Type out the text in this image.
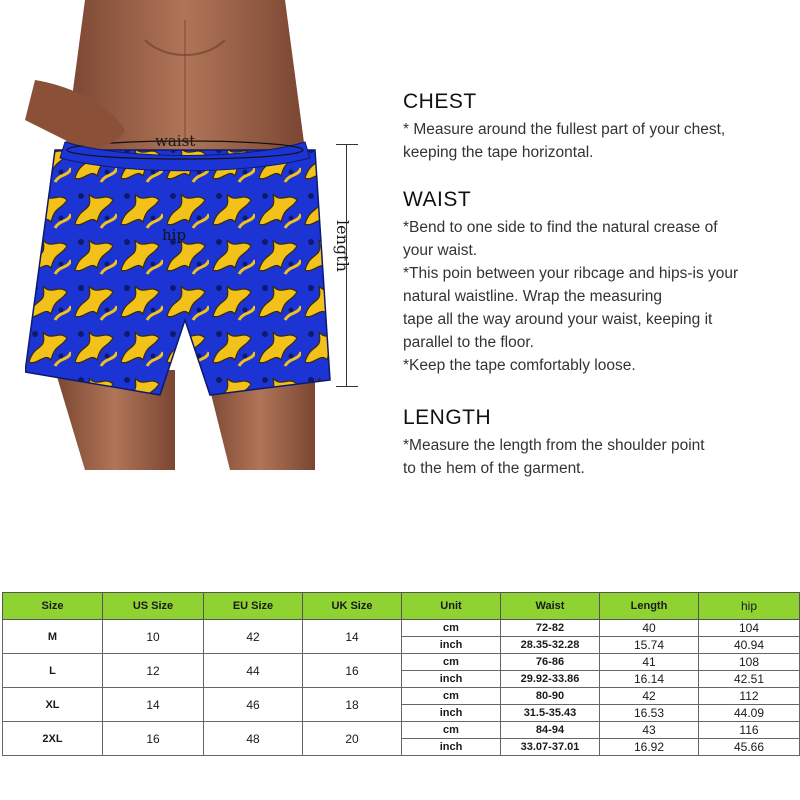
waist
hip	length
CHEST

* Measure around the fullest part of your chest,

keeping the tape horizontal.

WAIST

*Bend to one side to find the natural crease of

your waist.

*This poin between your ribcage and hips-is your

natural waistline. Wrap the measuring

tape all the way around your waist, keeping it

parallel to the floor.

*Keep the tape comfortably loose.

LENGTH

*Measure the length from the shoulder point

to the hem of the garment.

Size	US Size	EU Size	UK Size	Unit	Waist	Length	hip
M	10	42	14	cm	72-82	40	104
				inch	28.35-32.28	15.74	40.94
L	12	44	16	cm	76-86	41	108
				inch	29.92-33.86	16.14	42.51
XL	14	46	18	cm	80-90	42	112
				inch	31.5-35.43	16.53	44.09
2XL	16	48	20	cm	84-94	43	116
				inch	33.07-37.01	16.92	45.66
